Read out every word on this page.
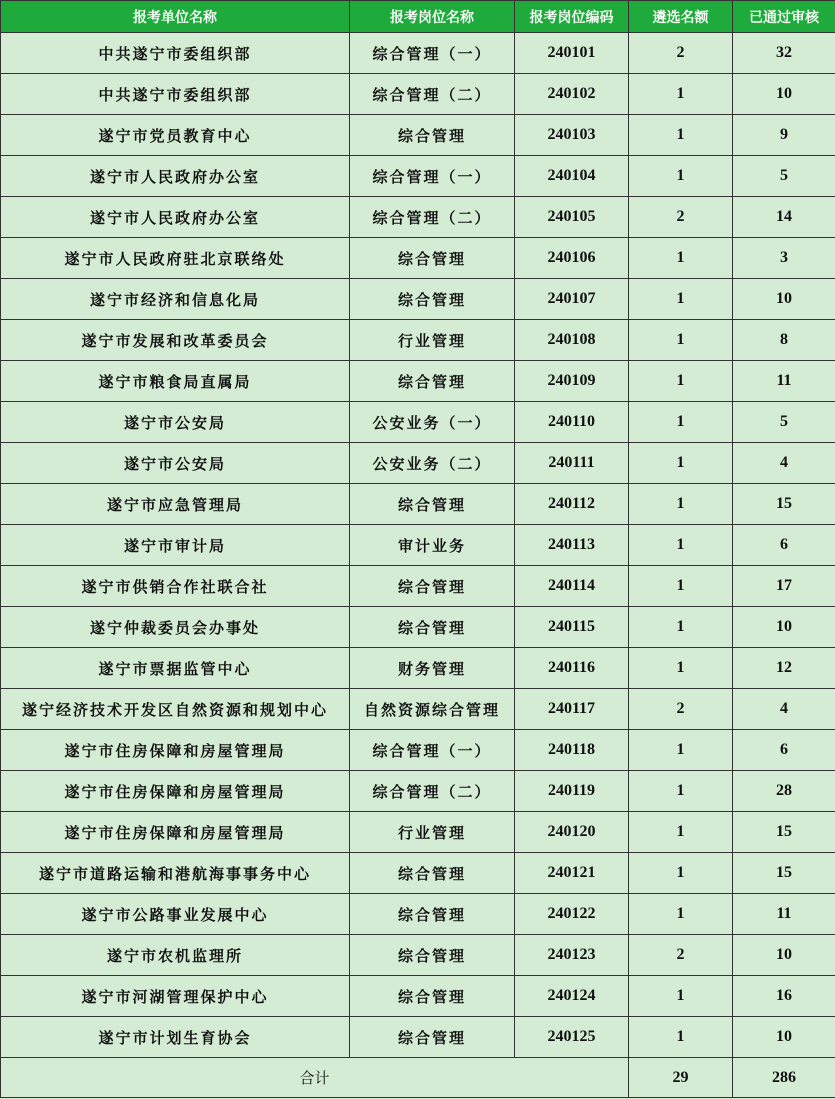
报考单位名称	报考岗位名称	报考岗位编码	遴选名额	已通过审核
中共遂宁市委组织部	综合管理（一）	240101	2	32
中共遂宁市委组织部	综合管理（二）	240102	1	10
遂宁市党员教育中心	综合管理	240103	1	9
遂宁市人民政府办公室	综合管理（一）	240104	1	5
遂宁市人民政府办公室	综合管理（二）	240105	2	14
遂宁市人民政府驻北京联络处	综合管理	240106	1	3
遂宁市经济和信息化局	综合管理	240107	1	10
遂宁市发展和改革委员会	行业管理	240108	1	8
遂宁市粮食局直属局	综合管理	240109	1	11
遂宁市公安局	公安业务（一）	240110	1	5
遂宁市公安局	公安业务（二）	240111	1	4
遂宁市应急管理局	综合管理	240112	1	15
遂宁市审计局	审计业务	240113	1	6
遂宁市供销合作社联合社	综合管理	240114	1	17
遂宁仲裁委员会办事处	综合管理	240115	1	10
遂宁市票据监管中心	财务管理	240116	1	12
遂宁经济技术开发区自然资源和规划中心	自然资源综合管理	240117	2	4
遂宁市住房保障和房屋管理局	综合管理（一）	240118	1	6
遂宁市住房保障和房屋管理局	综合管理（二）	240119	1	28
遂宁市住房保障和房屋管理局	行业管理	240120	1	15
遂宁市道路运输和港航海事事务中心	综合管理	240121	1	15
遂宁市公路事业发展中心	综合管理	240122	1	11
遂宁市农机监理所	综合管理	240123	2	10
遂宁市河湖管理保护中心	综合管理	240124	1	16
遂宁市计划生育协会	综合管理	240125	1	10
合计			29	286
